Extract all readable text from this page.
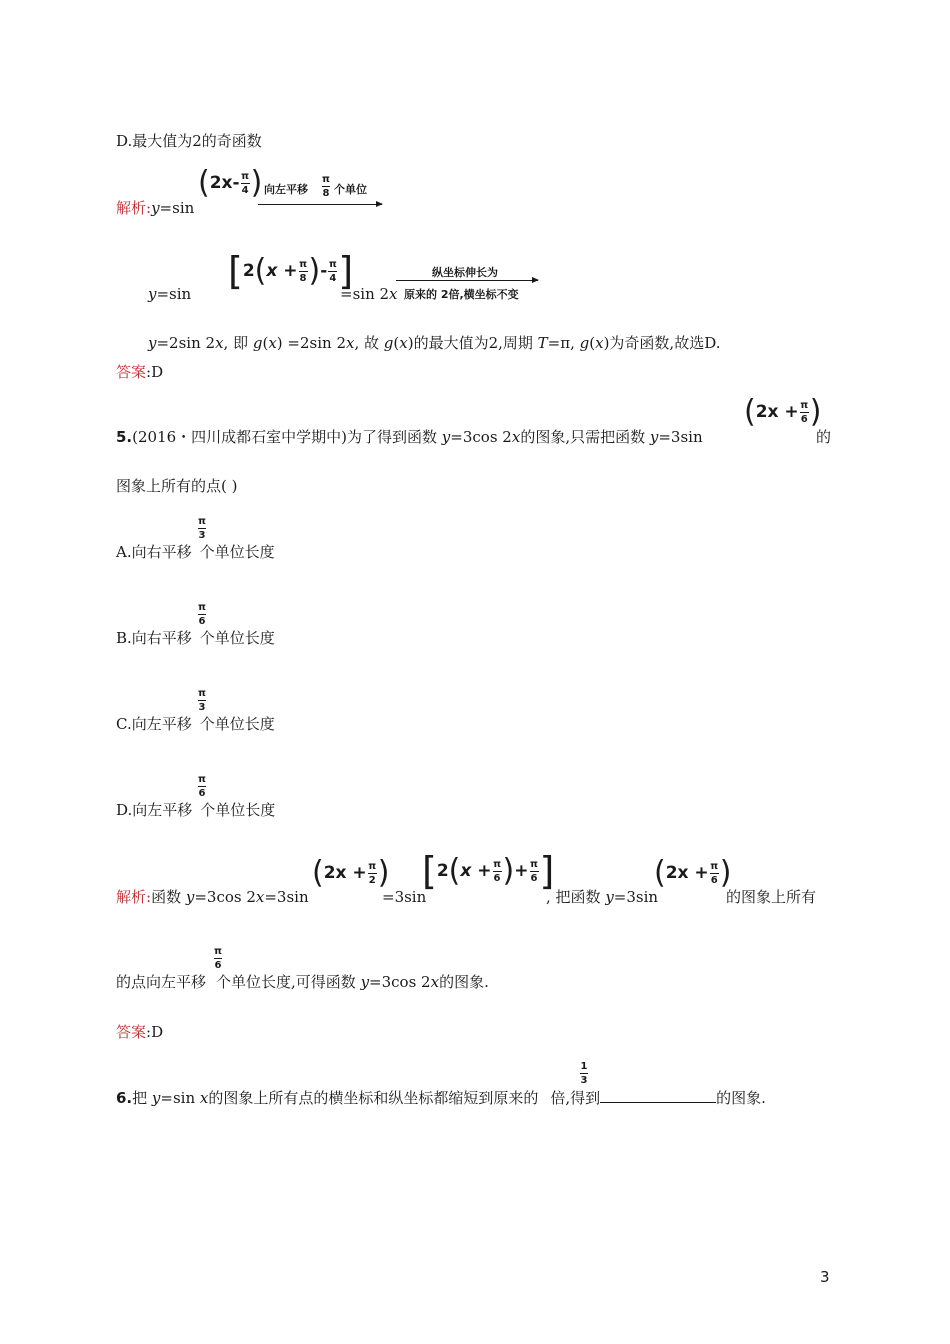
D.最大值为2的奇函数
解析:y=sin
( 2x- π
4 ) 向左平移
π
8 个单位
y=sin
[ 2 ( x + π
8 ) - π
4 ]
=sin 2x
纵坐标伸长为
原来的 2倍,横坐标不变
y=2sin 2x, 即 g(x) =2sin 2x, 故 g(x)的最大值为2,周期 T=π, g(x)为奇函数,故选D.
答案:D
5.(2016・四川成都石室中学期中)为了得到函数 y=3cos 2x的图象,只需把函数 y=3sin
( 2x + π
6 )
的
图象上所有的点( )
π
3
A.向右平移 个单位长度
π
6
B.向右平移 个单位长度
π
3
C.向左平移 个单位长度
π
6
D.向左平移 个单位长度
解析:函数 y=3cos 2x=3sin
( 2x + π
2 )
=3sin
[ 2 ( x + π
6 ) + π
6 ]
, 把函数 y=3sin
( 2x + π
6 )
的图象上所有
π
6
的点向左平移 个单位长度,可得函数 y=3cos 2x的图象.
答案:D
1
3
6.把 y=sin x的图象上所有点的横坐标和纵坐标都缩短到原来的 倍,得到	的图象.
3
